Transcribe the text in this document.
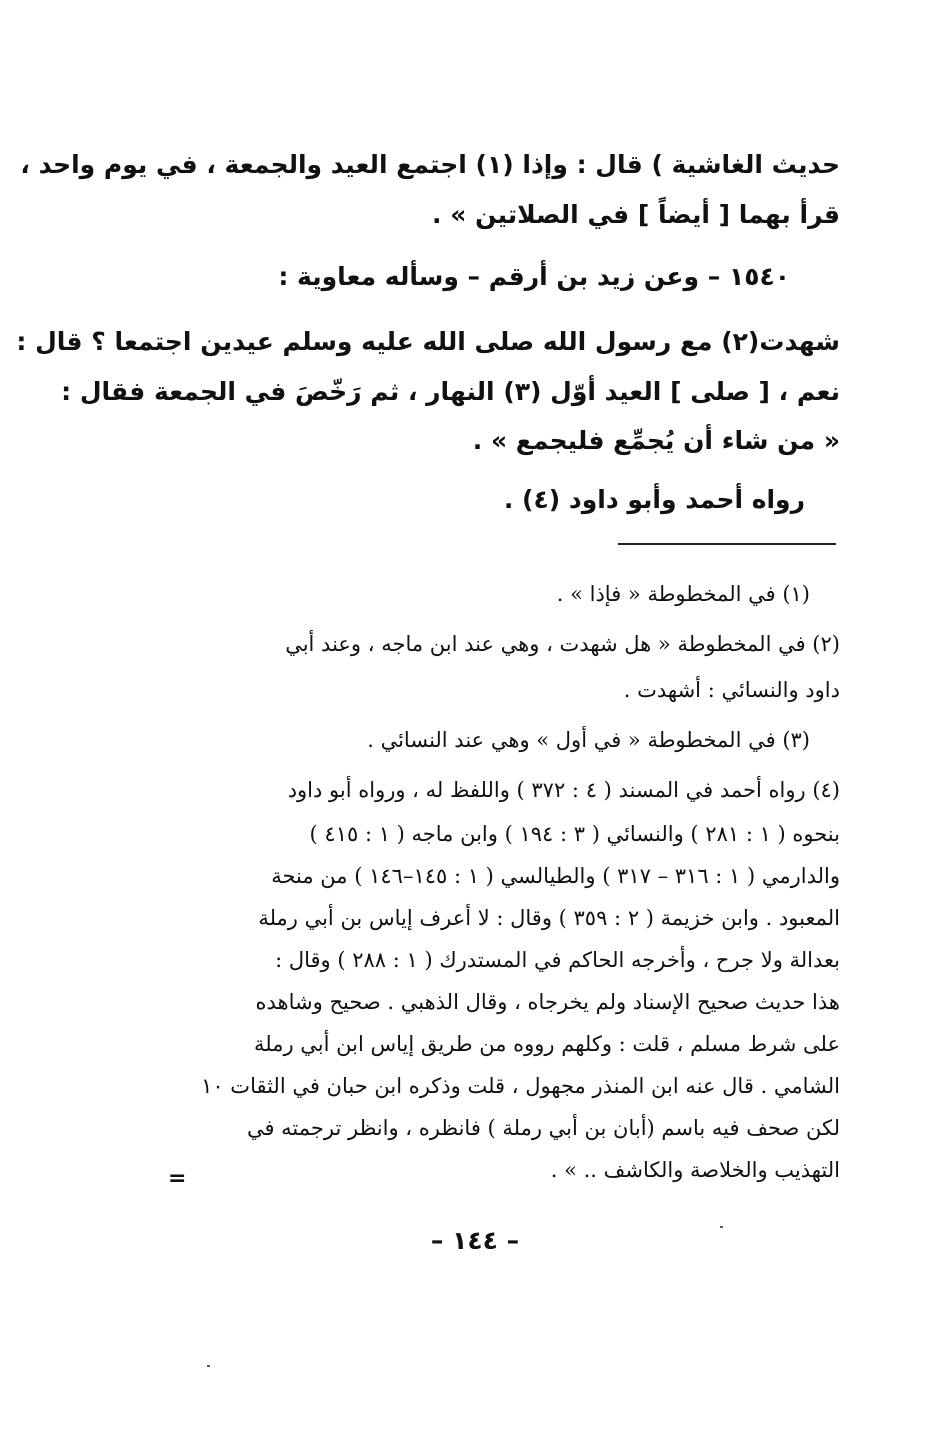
حديث الغاشية ) قال : وإذا (١) اجتمع العيد والجمعة ، في يوم واحد ،
قرأ بهما [ أيضاً ] في الصلاتين » .
١٥٤٠ – وعن زيد بن أرقم – وسأله معاوية :
شهدت(٢) مع رسول الله صلى الله عليه وسلم عيدين اجتمعا ؟ قال :
نعم ، [ صلى ] العيد أوّل (٣) النهار ، ثم رَخّصَ في الجمعة فقال :
« من شاء أن يُجمِّع فليجمع » .
رواه أحمد وأبو داود (٤) .
(١) في المخطوطة « فإذا » .
(٢) في المخطوطة « هل شهدت ، وهي عند ابن ماجه ، وعند أبي
داود والنسائي : أشهدت .
(٣) في المخطوطة « في أول » وهي عند النسائي .
(٤) رواه أحمد في المسند ( ٤ : ٣٧٢ ) واللفظ له ، ورواه أبو داود
بنحوه ( ١ : ٢٨١ ) والنسائي ( ٣ : ١٩٤ ) وابن ماجه ( ١ : ٤١٥ )
والدارمي ( ١ : ٣١٦ – ٣١٧ ) والطيالسي ( ١ : ١٤٥–١٤٦ ) من منحة
المعبود . وابن خزيمة ( ٢ : ٣٥٩ ) وقال : لا أعرف إياس بن أبي رملة
بعدالة ولا جرح ، وأخرجه الحاكم في المستدرك ( ١ : ٢٨٨ ) وقال :
هذا حديث صحيح الإسناد ولم يخرجاه ، وقال الذهبي . صحيح وشاهده
على شرط مسلم ، قلت : وكلهم رووه من طريق إياس ابن أبي رملة
الشامي . قال عنه ابن المنذر مجهول ، قلت وذكره ابن حبان في الثقات ١٠
لكن صحف فيه باسم (أبان بن أبي رملة ) فانظره ، وانظر ترجمته في
التهذيب والخلاصة والكاشف .. » .
=
– ١٤٤ –
